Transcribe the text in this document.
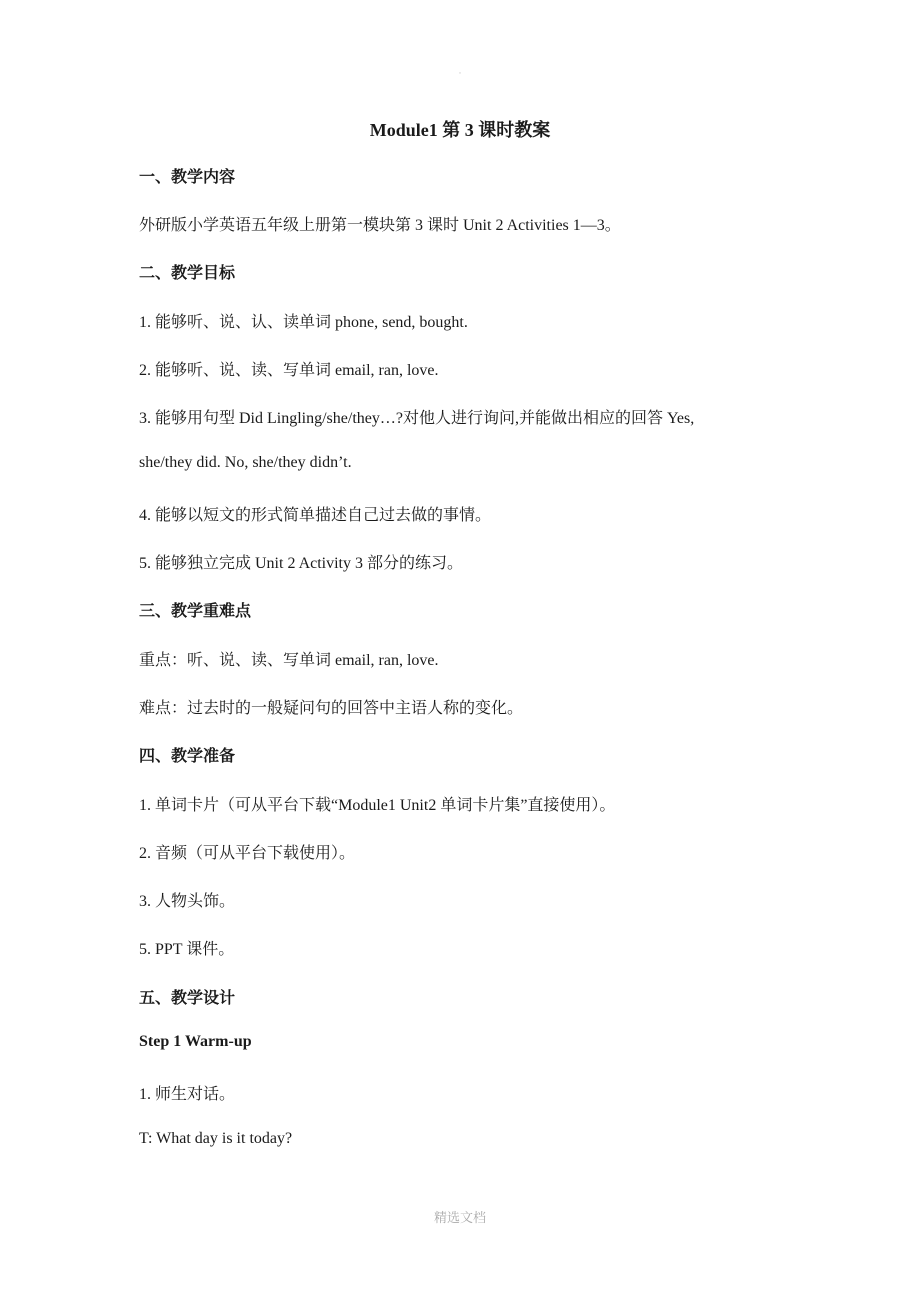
·
Module1 第 3 课时教案
一、教学内容
外研版小学英语五年级上册第一模块第 3 课时 Unit 2 Activities 1—3。
二、教学目标
1. 能够听、说、认、读单词 phone, send, bought.
2. 能够听、说、读、写单词 email, ran, love.
3. 能够用句型 Did Lingling/she/they…?对他人进行询问,并能做出相应的回答 Yes,
she/they did. No, she/they didn’t.
4. 能够以短文的形式简单描述自己过去做的事情。
5. 能够独立完成 Unit 2 Activity 3 部分的练习。
三、教学重难点
重点：听、说、读、写单词 email, ran, love.
难点：过去时的一般疑问句的回答中主语人称的变化。
四、教学准备
1. 单词卡片（可从平台下载“Module1 Unit2 单词卡片集”直接使用）。
2. 音频（可从平台下载使用）。
3. 人物头饰。
5. PPT 课件。
五、教学设计
Step 1 Warm-up
1. 师生对话。
T: What day is it today?
精选文档
